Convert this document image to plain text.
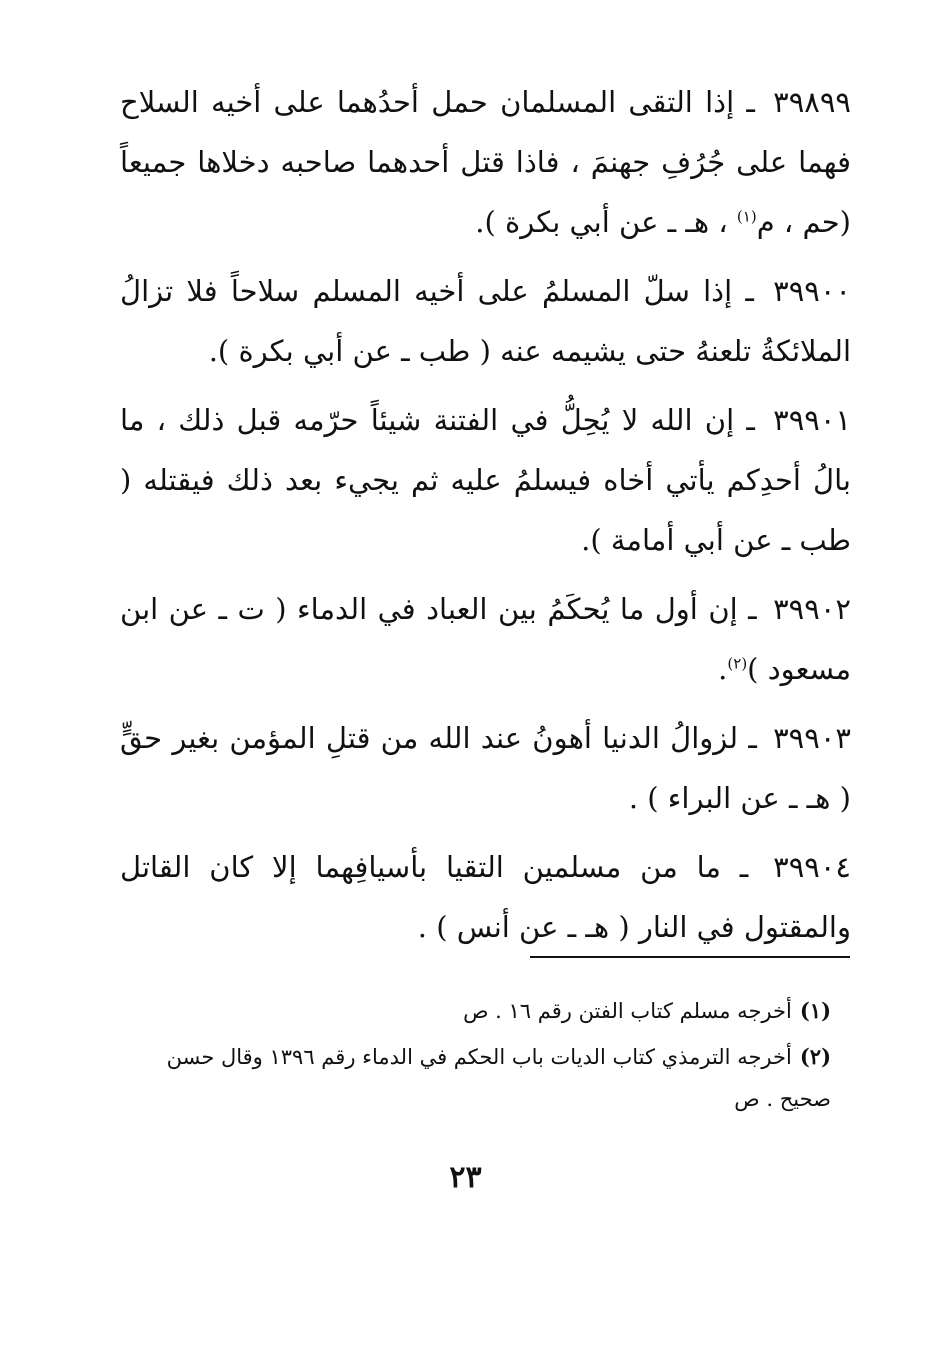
٣٩٨٩٩ ـ إذا التقى المسلمان حمل أحدُهما على أخيه السلاح فهما على جُرُفِ جهنمَ ، فاذا قتل أحدهما صاحبه دخلاها جميعاً (حم ، م$^{(١)}$ ، هـ ـ عن أبي بكرة ).

٣٩٩٠٠ ـ إذا سلّ المسلمُ على أخيه المسلم سلاحاً فلا تزالُ الملائكةُ تلعنهُ حتى يشيمه عنه ( طب ـ عن أبي بكرة ).

٣٩٩٠١ ـ إن الله لا يُحِلُّ في الفتنة شيئاً حرّمه قبل ذلك ، ما بالُ أحدِكم يأتي أخاه فيسلمُ عليه ثم يجيء بعد ذلك فيقتله ( طب ـ عن أبي أمامة ).

٣٩٩٠٢ ـ إن أول ما يُحكَمُ بين العباد في الدماء ( ت ـ عن ابن مسعود )$^{(٢)}$.

٣٩٩٠٣ ـ لزوالُ الدنيا أهونُ عند الله من قتلِ المؤمن بغير حقٍّ ( هـ ـ عن البراء ) .

٣٩٩٠٤ ـ ما من مسلمين التقيا بأسيافِهما إلا كان القاتل والمقتول في النار ( هـ ـ عن أنس ) .

(١)أخرجه مسلم كتاب الفتن رقم ١٦ . ص

(٢)أخرجه الترمذي كتاب الديات باب الحكم في الدماء رقم ١٣٩٦ وقال حسن صحيح . ص

٢٣
